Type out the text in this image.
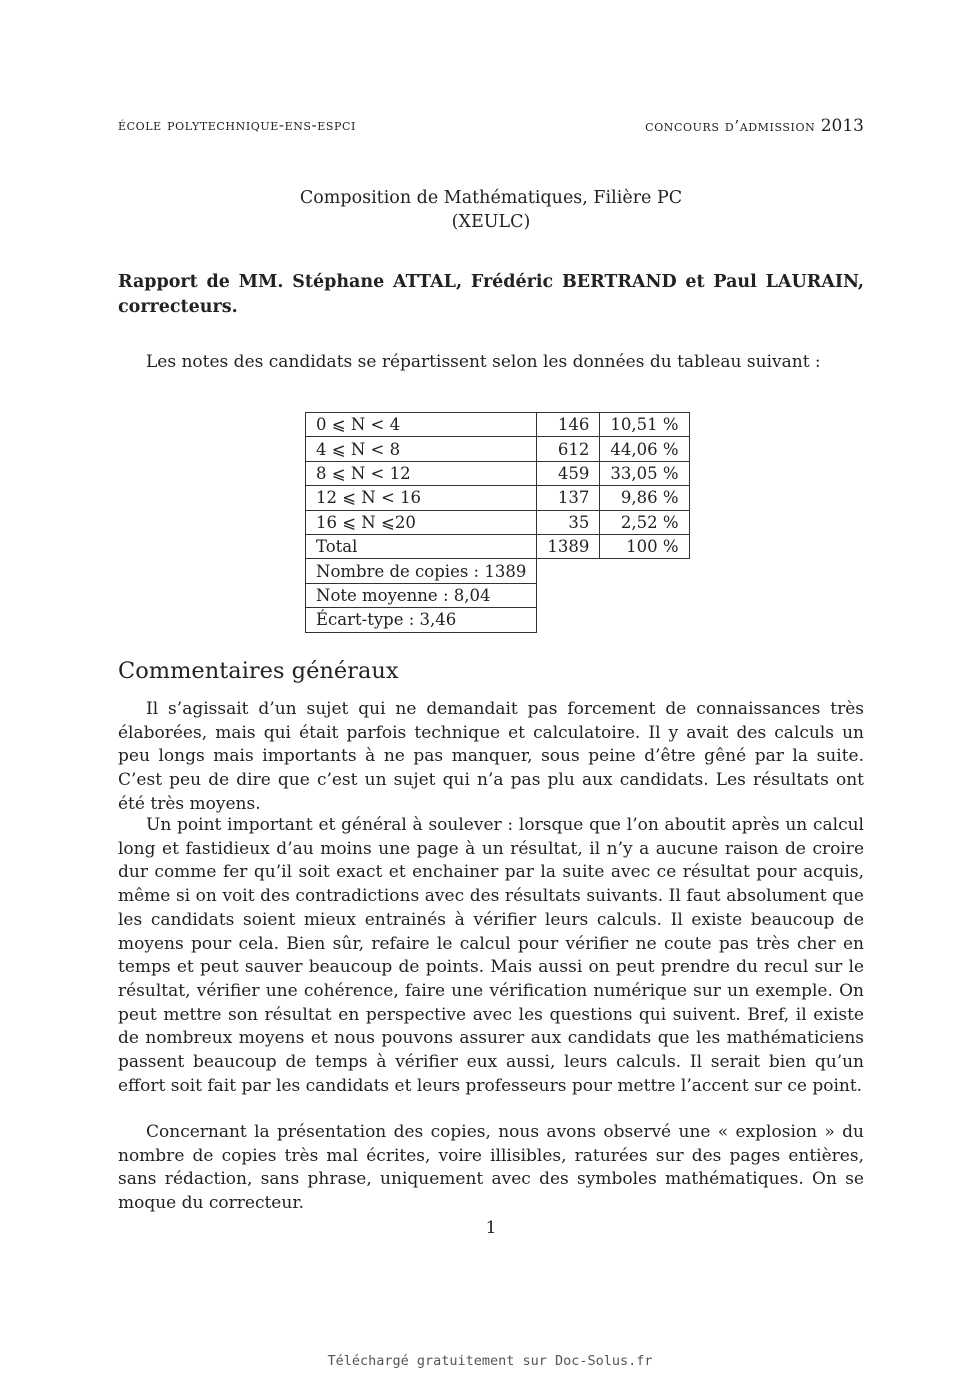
école polytechnique-ens-espci	concours d’admission 2013
Composition de Mathématiques, Filière PC
(XEULC)
Rapport de MM. Stéphane ATTAL, Frédéric BERTRAND et Paul LAURAIN, correcteurs.
Les notes des candidats se répartissent selon les données du tableau suivant :
0 ⩽ N < 4	146	10,51 %
4 ⩽ N < 8	612	44,06 %
8 ⩽ N < 12	459	33,05 %
12 ⩽ N < 16	137	9,86 %
16 ⩽ N ⩽20	35	2,52 %
Total	1389	100 %
Nombre de copies : 1389		
Note moyenne : 8,04		
Écart-type : 3,46		
Commentaires généraux

Il s’agissait d’un sujet qui ne demandait pas forcement de connaissances très élaborées, mais qui était parfois technique et calculatoire. Il y avait des calculs un peu longs mais importants à ne pas manquer, sous peine d’être gêné par la suite. C’est peu de dire que c’est un sujet qui n’a pas plu aux candidats. Les résultats ont été très moyens.

Un point important et général à soulever : lorsque que l’on aboutit après un calcul long et fastidieux d’au moins une page à un résultat, il n’y a aucune raison de croire dur comme fer qu’il soit exact et enchainer par la suite avec ce résultat pour acquis, même si on voit des contradictions avec des résultats suivants. Il faut absolument que les candidats soient mieux entrainés à vérifier leurs calculs. Il existe beaucoup de moyens pour cela. Bien sûr, refaire le calcul pour vérifier ne coute pas très cher en temps et peut sauver beaucoup de points. Mais aussi on peut prendre du recul sur le résultat, vérifier une cohérence, faire une vérification numérique sur un exemple. On peut mettre son résultat en perspective avec les questions qui suivent. Bref, il existe de nombreux moyens et nous pouvons assurer aux candidats que les mathématiciens passent beaucoup de temps à vérifier eux aussi, leurs calculs. Il serait bien qu’un effort soit fait par les candidats et leurs professeurs pour mettre l’accent sur ce point.

Concernant la présentation des copies, nous avons observé une « explosion » du nombre de copies très mal écrites, voire illisibles, raturées sur des pages entières, sans rédaction, sans phrase, uniquement avec des symboles mathématiques. On se moque du correcteur.

1
Téléchargé gratuitement sur Doc-Solus.fr
